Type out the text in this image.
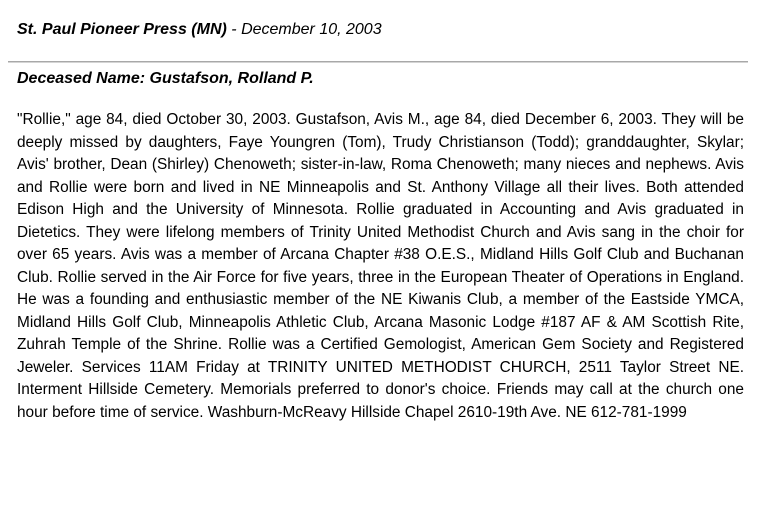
St. Paul Pioneer Press (MN) - December 10, 2003
Deceased Name: Gustafson, Rolland P.

"Rollie," age 84, died October 30, 2003. Gustafson, Avis M., age 84, died December 6, 2003. They will be deeply missed by daughters, Faye Youngren (Tom), Trudy Christianson (Todd); granddaughter, Skylar; Avis' brother, Dean (Shirley) Chenoweth; sister-in-law, Roma Chenoweth; many nieces and nephews. Avis and Rollie were born and lived in NE Minneapolis and St. Anthony Village all their lives. Both attended Edison High and the University of Minnesota. Rollie graduated in Accounting and Avis graduated in Dietetics. They were lifelong members of Trinity United Methodist Church and Avis sang in the choir for over 65 years. Avis was a member of Arcana Chapter #38 O.E.S., Midland Hills Golf Club and Buchanan Club. Rollie served in the Air Force for five years, three in the European Theater of Operations in England. He was a founding and enthusiastic member of the NE Kiwanis Club, a member of the Eastside YMCA, Midland Hills Golf Club, Minneapolis Athletic Club, Arcana Masonic Lodge #187 AF & AM Scottish Rite, Zuhrah Temple of the Shrine. Rollie was a Certified Gemologist, American Gem Society and Registered Jeweler. Services 11AM Friday at TRINITY UNITED METHODIST CHURCH, 2511 Taylor Street NE. Interment Hillside Cemetery. Memorials preferred to donor's choice. Friends may call at the church one hour before time of service. Washburn-McReavy Hillside Chapel 2610-19th Ave. NE 612-781-1999
